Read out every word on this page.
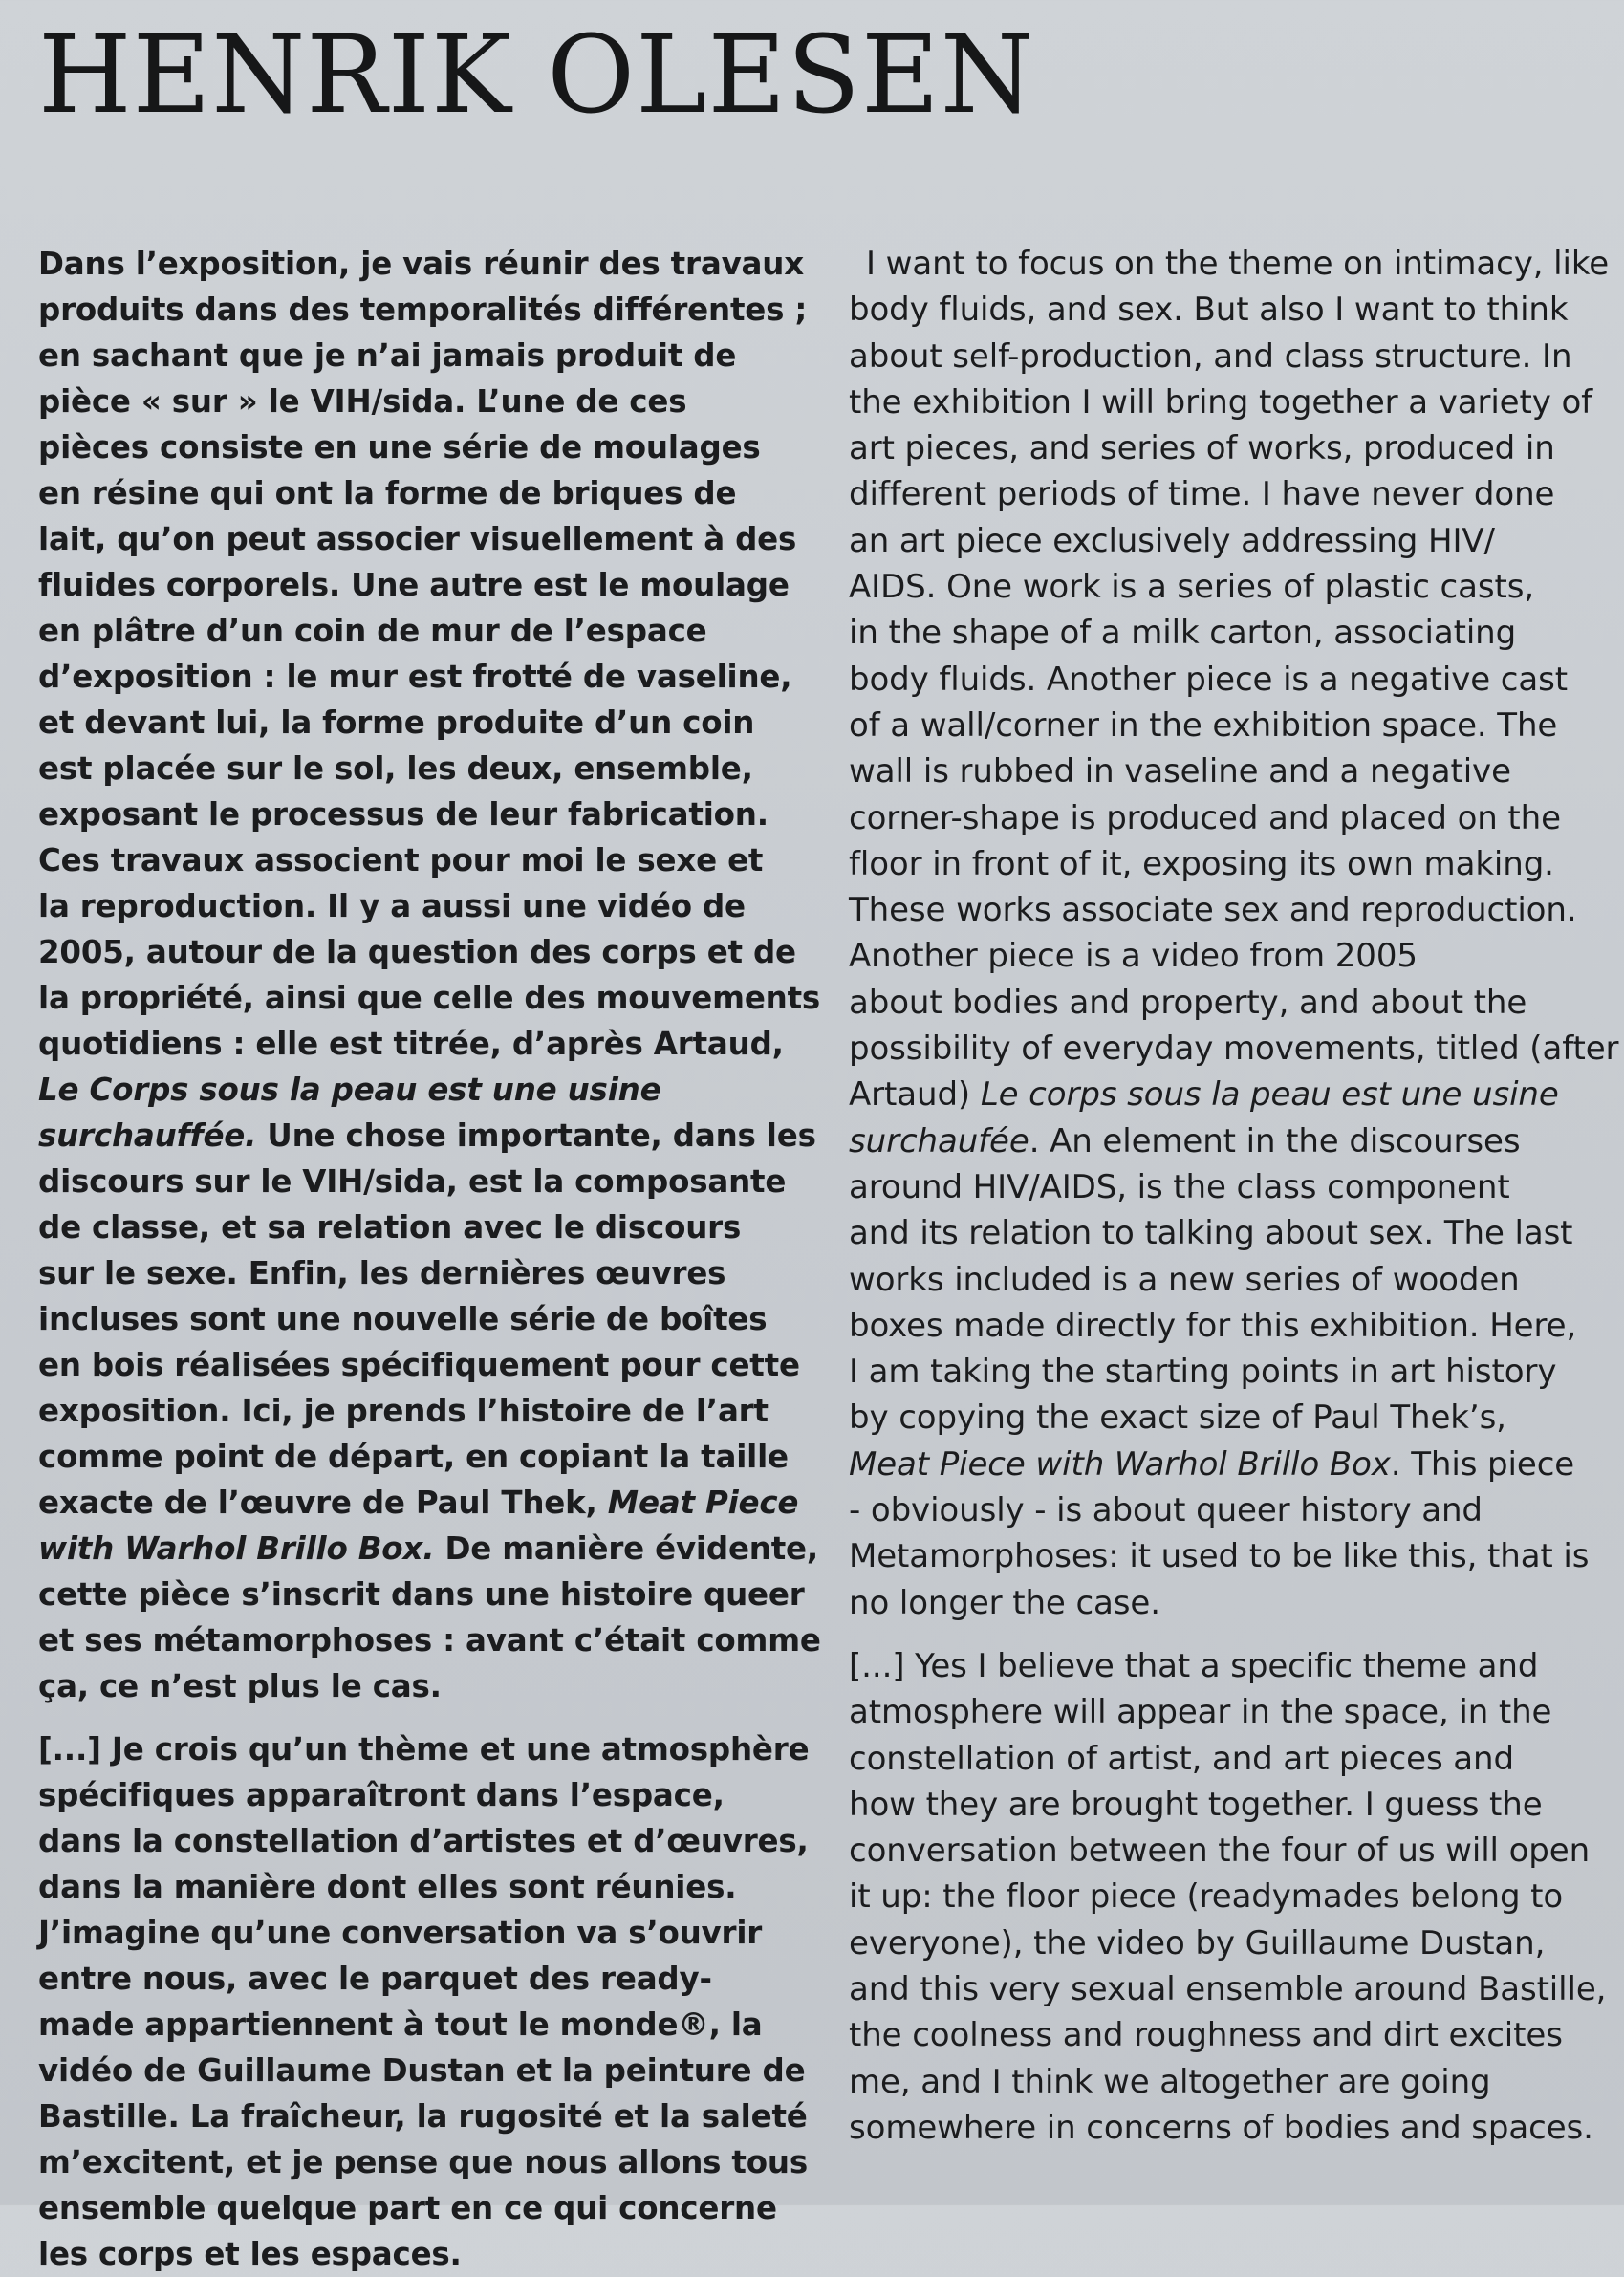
HENRIK OLESEN

Dans l’exposition, je vais réunir des travaux
produits dans des temporalités différentes ;
en sachant que je n’ai jamais produit de
pièce « sur » le VIH/sida. L’une de ces
pièces consiste en une série de moulages
en résine qui ont la forme de briques de
lait, qu’on peut associer visuellement à des
fluides corporels. Une autre est le moulage
en plâtre d’un coin de mur de l’espace
d’exposition : le mur est frotté de vaseline,
et devant lui, la forme produite d’un coin
est placée sur le sol, les deux, ensemble,
exposant le processus de leur fabrication.
Ces travaux associent pour moi le sexe et
la reproduction. Il y a aussi une vidéo de
2005, autour de la question des corps et de
la propriété, ainsi que celle des mouvements
quotidiens : elle est titrée, d’après Artaud,
Le Corps sous la peau est une usine
surchauffée. Une chose importante, dans les
discours sur le VIH/sida, est la composante
de classe, et sa relation avec le discours
sur le sexe. Enfin, les dernières œuvres
incluses sont une nouvelle série de boîtes
en bois réalisées spécifiquement pour cette
exposition. Ici, je prends l’histoire de l’art
comme point de départ, en copiant la taille
exacte de l’œuvre de Paul Thek, Meat Piece
with Warhol Brillo Box. De manière évidente,
cette pièce s’inscrit dans une histoire queer
et ses métamorphoses : avant c’était comme
ça, ce n’est plus le cas.

[...] Je crois qu’un thème et une atmosphère
spécifiques apparaîtront dans l’espace,
dans la constellation d’artistes et d’œuvres,
dans la manière dont elles sont réunies.
J’imagine qu’une conversation va s’ouvrir
entre nous, avec le parquet des ready-
made appartiennent à tout le monde®, la
vidéo de Guillaume Dustan et la peinture de
Bastille. La fraîcheur, la rugosité et la saleté
m’excitent, et je pense que nous allons tous
ensemble quelque part en ce qui concerne
les corps et les espaces.

I want to focus on the theme on intimacy, like
body fluids, and sex. But also I want to think
about self-production, and class structure. In
the exhibition I will bring together a variety of
art pieces, and series of works, produced in
different periods of time. I have never done
an art piece exclusively addressing HIV/
AIDS. One work is a series of plastic casts,
in the shape of a milk carton, associating
body fluids. Another piece is a negative cast
of a wall/corner in the exhibition space. The
wall is rubbed in vaseline and a negative
corner-shape is produced and placed on the
floor in front of it, exposing its own making.
These works associate sex and reproduction.
Another piece is a video from 2005
about bodies and property, and about the
possibility of everyday movements, titled (after
Artaud) Le corps sous la peau est une usine
surchaufée. An element in the discourses
around HIV/AIDS, is the class component
and its relation to talking about sex. The last
works included is a new series of wooden
boxes made directly for this exhibition. Here,
I am taking the starting points in art history
by copying the exact size of Paul Thek’s,
Meat Piece with Warhol Brillo Box. This piece
- obviously - is about queer history and
Metamorphoses: it used to be like this, that is
no longer the case.

[...] Yes I believe that a specific theme and
atmosphere will appear in the space, in the
constellation of artist, and art pieces and
how they are brought together. I guess the
conversation between the four of us will open
it up: the floor piece (readymades belong to
everyone), the video by Guillaume Dustan,
and this very sexual ensemble around Bastille,
the coolness and roughness and dirt excites
me, and I think we altogether are going
somewhere in concerns of bodies and spaces.
